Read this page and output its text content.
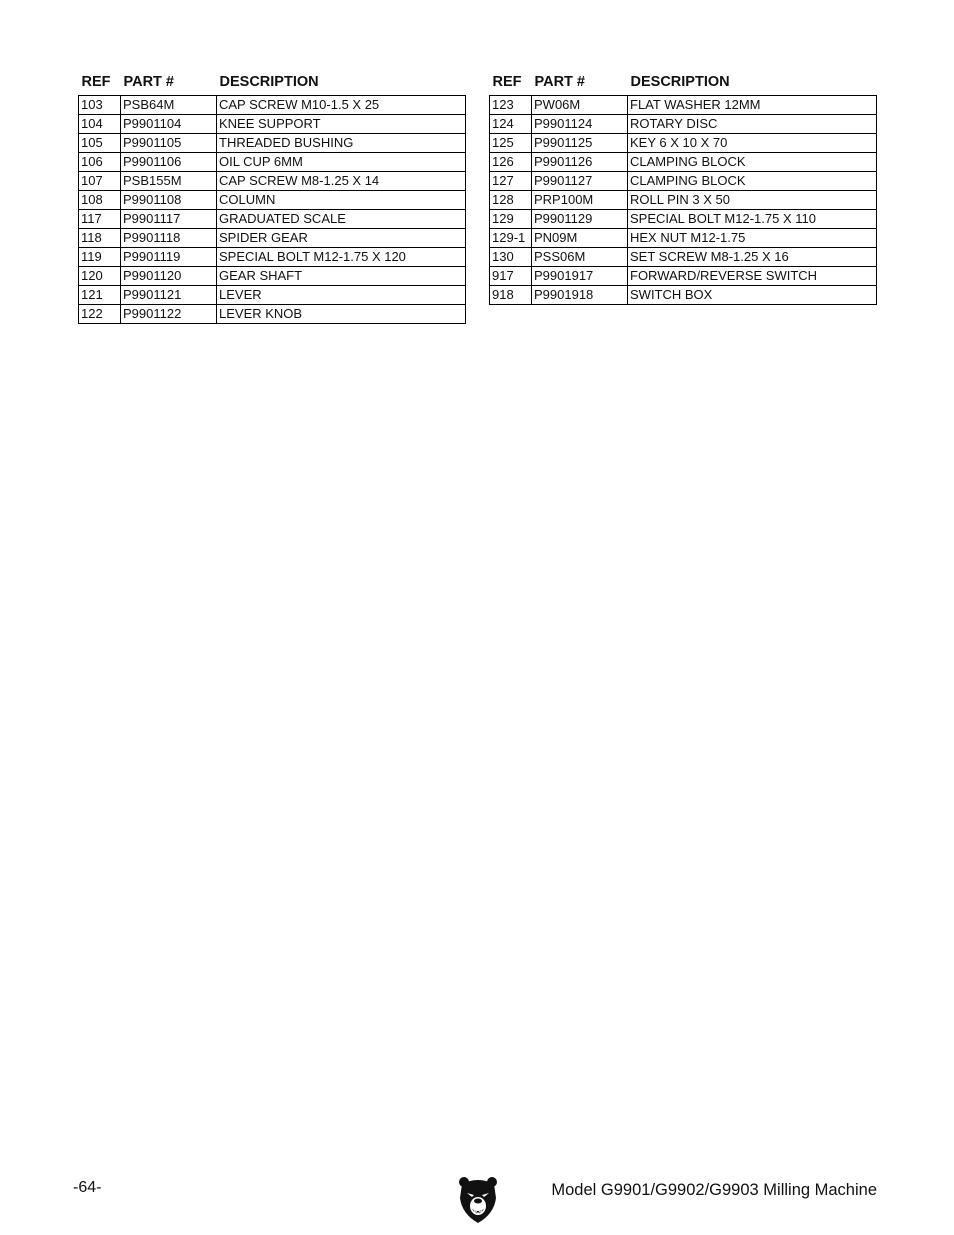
REF	PART #	DESCRIPTION
103	PSB64M	CAP SCREW M10-1.5 X 25
104	P9901104	KNEE SUPPORT
105	P9901105	THREADED BUSHING
106	P9901106	OIL CUP 6MM
107	PSB155M	CAP SCREW M8-1.25 X 14
108	P9901108	COLUMN
117	P9901117	GRADUATED SCALE
118	P9901118	SPIDER GEAR
119	P9901119	SPECIAL BOLT M12-1.75 X 120
120	P9901120	GEAR SHAFT
121	P9901121	LEVER
122	P9901122	LEVER KNOB
REF	PART #	DESCRIPTION
123	PW06M	FLAT WASHER 12MM
124	P9901124	ROTARY DISC
125	P9901125	KEY 6 X 10 X 70
126	P9901126	CLAMPING BLOCK
127	P9901127	CLAMPING BLOCK
128	PRP100M	ROLL PIN 3 X 50
129	P9901129	SPECIAL BOLT M12-1.75 X 110
129-1	PN09M	HEX NUT M12-1.75
130	PSS06M	SET SCREW M8-1.25 X 16
917	P9901917	FORWARD/REVERSE SWITCH
918	P9901918	SWITCH BOX
-64-	Model G9901/G9902/G9903 Milling Machine
